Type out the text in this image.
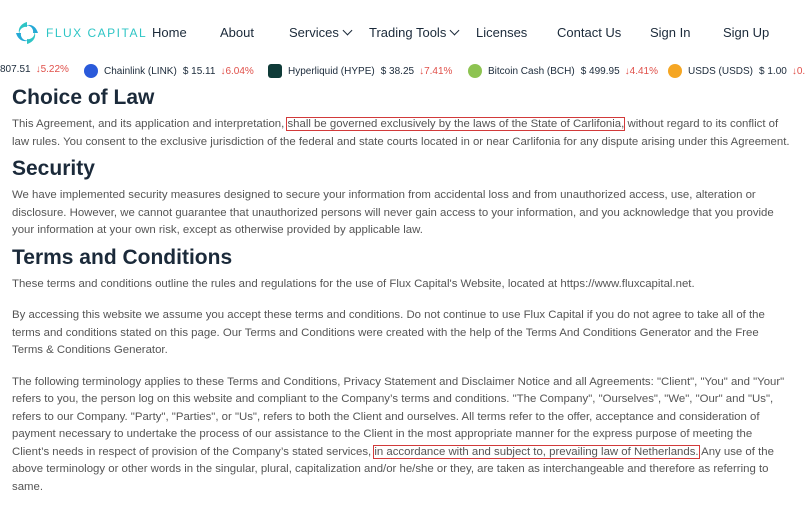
FLUX CAPITAL Home	About	Services	Trading Tools	Licenses Contact Us Sign In	Sign Up
807.51 ↓5.22%	Chainlink (LINK) $ 15.11 ↓6.04%	Hyperliquid (HYPE) $ 38.25 ↓7.41%	Bitcoin Cash (BCH) $ 499.95 ↓4.41%	USDS (USDS) $ 1.00 ↓0.
Choice of Law

This Agreement, and its application and interpretation, shall be governed exclusively by the laws of the State of Carlifonia, without regard to its conflict of law rules. You consent to the exclusive jurisdiction of the federal and state courts located in or near Carlifonia for any dispute arising under this Agreement.

Security

We have implemented security measures designed to secure your information from accidental loss and from unauthorized access, use, alteration or disclosure. However, we cannot guarantee that unauthorized persons will never gain access to your information, and you acknowledge that you provide your information at your own risk, except as otherwise provided by applicable law.

Terms and Conditions

These terms and conditions outline the rules and regulations for the use of Flux Capital's Website, located at https://www.fluxcapital.net.

By accessing this website we assume you accept these terms and conditions. Do not continue to use Flux Capital if you do not agree to take all of the terms and conditions stated on this page. Our Terms and Conditions were created with the help of the Terms And Conditions Generator and the Free Terms & Conditions Generator.

The following terminology applies to these Terms and Conditions, Privacy Statement and Disclaimer Notice and all Agreements: "Client", "You" and "Your" refers to you, the person log on this website and compliant to the Company’s terms and conditions. "The Company", "Ourselves", "We", "Our" and "Us", refers to our Company. "Party", "Parties", or "Us", refers to both the Client and ourselves. All terms refer to the offer, acceptance and consideration of payment necessary to undertake the process of our assistance to the Client in the most appropriate manner for the express purpose of meeting the Client’s needs in respect of provision of the Company’s stated services, in accordance with and subject to, prevailing law of Netherlands. Any use of the above terminology or other words in the singular, plural, capitalization and/or he/she or they, are taken as interchangeable and therefore as referring to same.
